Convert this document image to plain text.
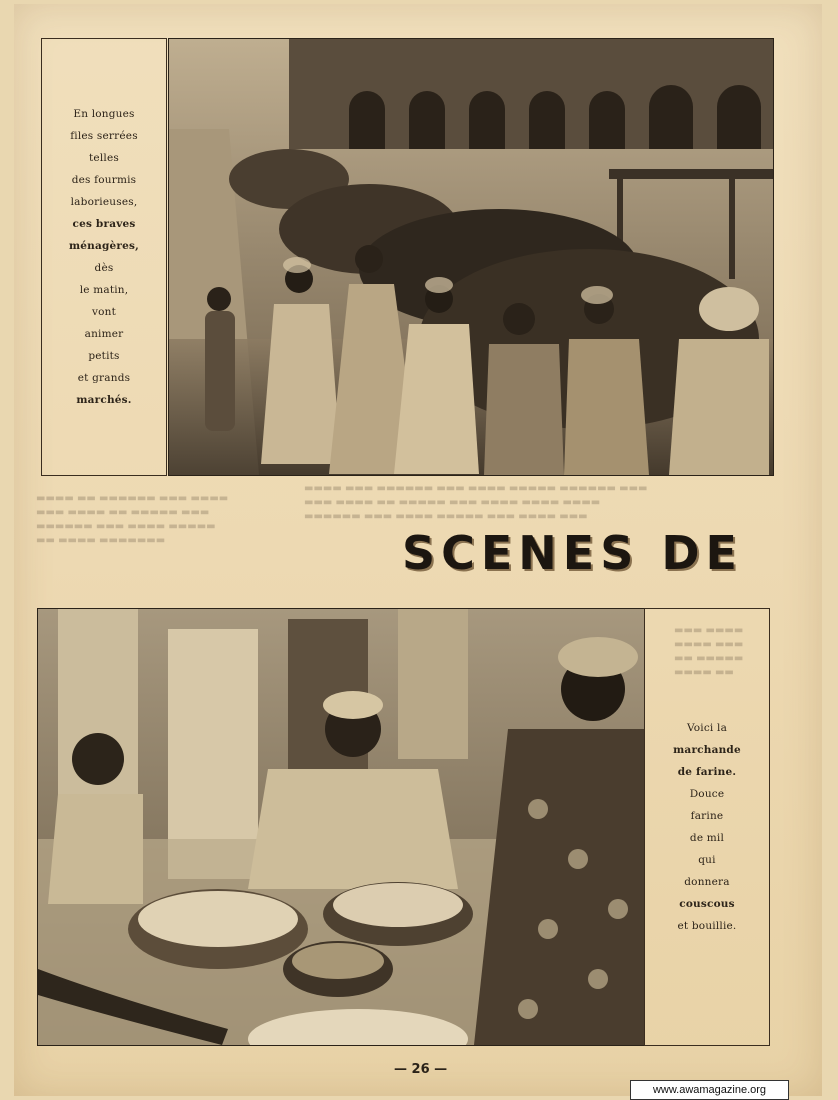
▬▬▬▬ ▬▬ ▬▬▬▬▬▬ ▬▬▬ ▬▬▬▬
▬▬▬ ▬▬▬▬ ▬▬ ▬▬▬▬▬ ▬▬▬
▬▬▬▬▬▬ ▬▬▬ ▬▬▬▬ ▬▬▬▬▬
▬▬ ▬▬▬▬ ▬▬▬▬▬▬▬
▬▬▬▬ ▬▬▬ ▬▬▬▬▬▬ ▬▬▬ ▬▬▬▬ ▬▬▬▬▬ ▬▬▬▬▬▬ ▬▬▬
▬▬▬ ▬▬▬▬ ▬▬ ▬▬▬▬▬ ▬▬▬ ▬▬▬▬ ▬▬▬▬ ▬▬▬▬
▬▬▬▬▬▬ ▬▬▬ ▬▬▬▬ ▬▬▬▬▬ ▬▬▬ ▬▬▬▬ ▬▬▬
▬▬▬ ▬▬▬▬
▬▬▬▬ ▬▬▬
▬▬ ▬▬▬▬▬
▬▬▬▬ ▬▬
En longues
files serrées
telles
des fourmis
laborieuses,
ces braves
ménagères,
dès
le matin,
vont
animer
petits
et grands
marchés.
SCENES DE
Voici la
marchande
de farine.
Douce
farine
de mil
qui
donnera
couscous
et bouillie.
— 26 —
www.awamagazine.org
